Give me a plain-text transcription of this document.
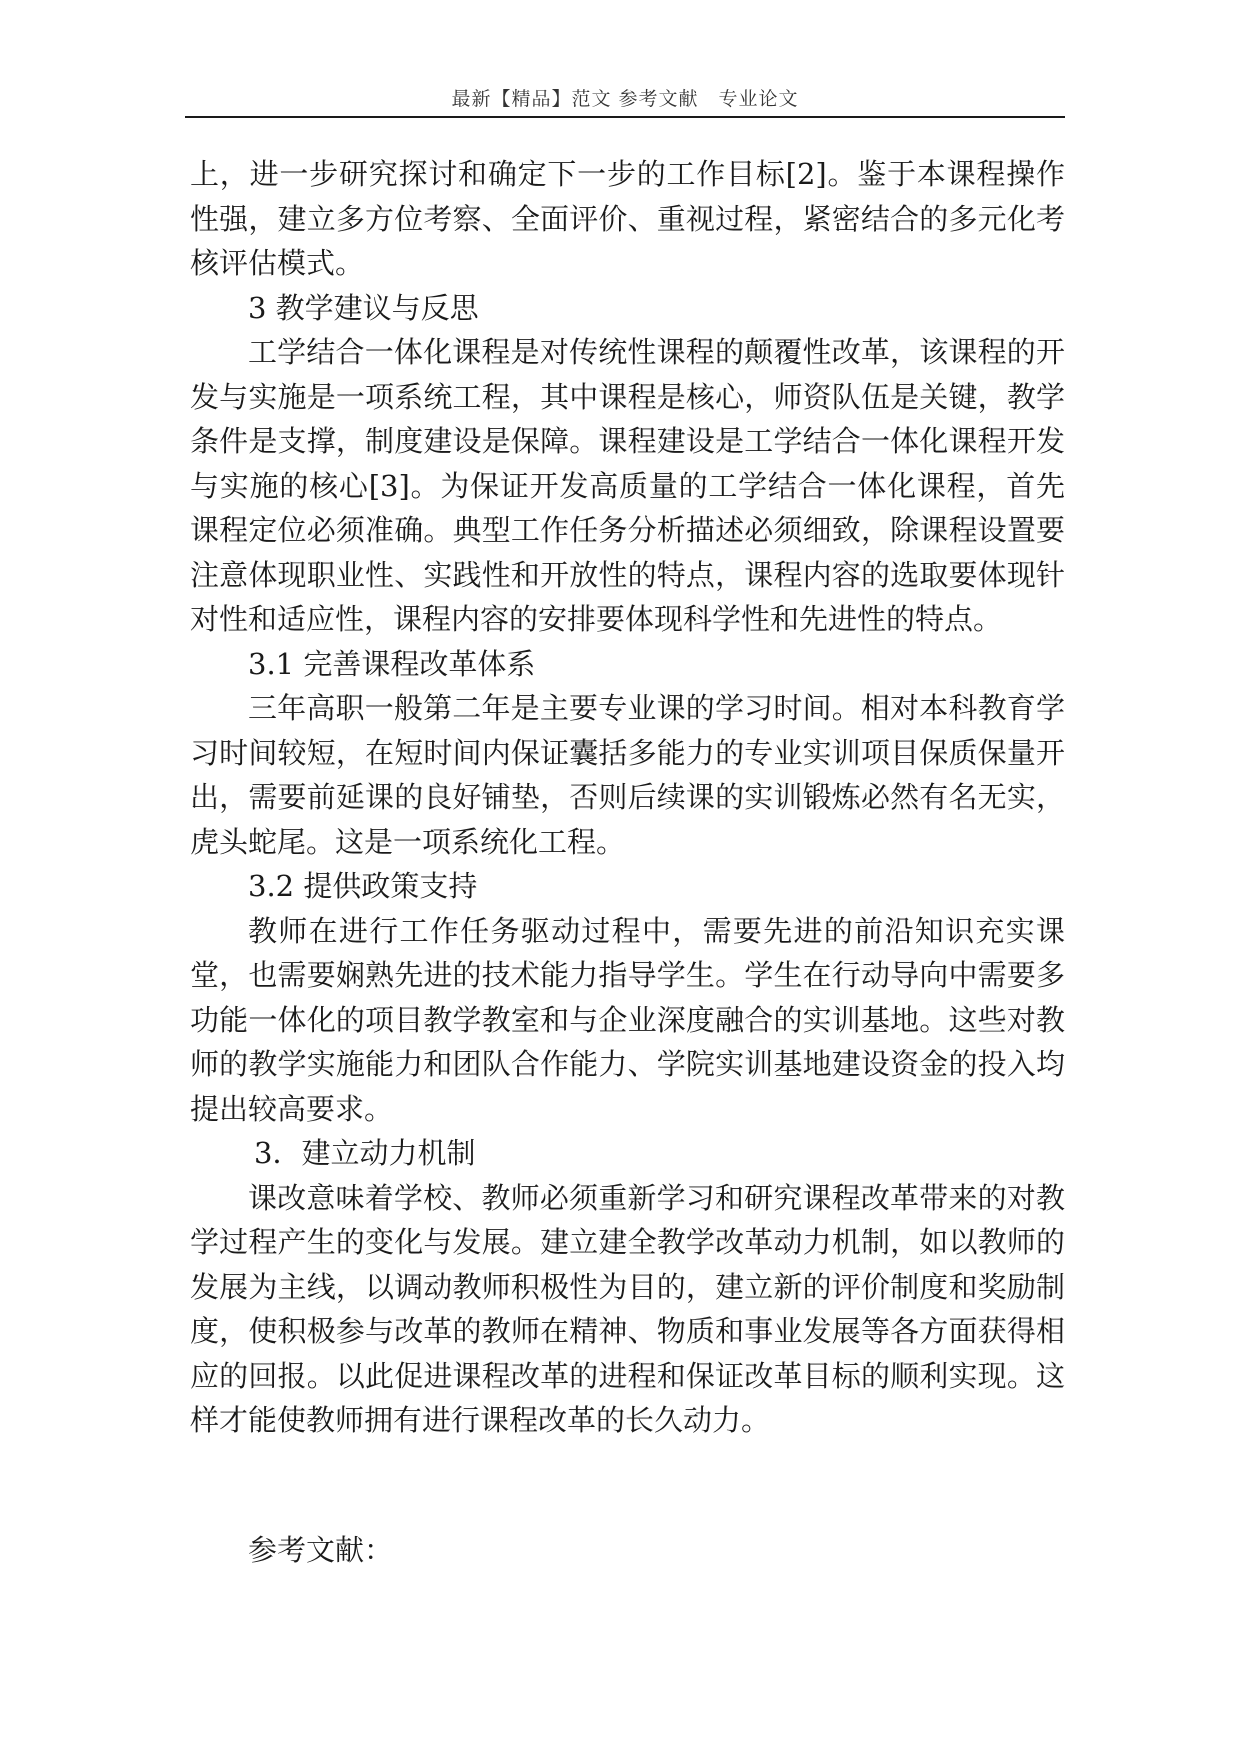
最新【精品】范文 参考文献　专业论文

上，进一步研究探讨和确定下一步的工作目标[2]。鉴于本课程操作性强，建立多方位考察、全面评价、重视过程，紧密结合的多元化考核评估模式。

3 教学建议与反思

工学结合一体化课程是对传统性课程的颠覆性改革，该课程的开发与实施是一项系统工程，其中课程是核心，师资队伍是关键，教学条件是支撑，制度建设是保障。课程建设是工学结合一体化课程开发与实施的核心[3]。为保证开发高质量的工学结合一体化课程，首先课程定位必须准确。典型工作任务分析描述必须细致，除课程设置要注意体现职业性、实践性和开放性的特点，课程内容的选取要体现针对性和适应性，课程内容的安排要体现科学性和先进性的特点。

3.1 完善课程改革体系

三年高职一般第二年是主要专业课的学习时间。相对本科教育学习时间较短，在短时间内保证囊括多能力的专业实训项目保质保量开出，需要前延课的良好铺垫，否则后续课的实训锻炼必然有名无实，虎头蛇尾。这是一项系统化工程。

3.2 提供政策支持

教师在进行工作任务驱动过程中，需要先进的前沿知识充实课堂，也需要娴熟先进的技术能力指导学生。学生在行动导向中需要多功能一体化的项目教学教室和与企业深度融合的实训基地。这些对教师的教学实施能力和团队合作能力、学院实训基地建设资金的投入均提出较高要求。

3．建立动力机制

课改意味着学校、教师必须重新学习和研究课程改革带来的对教学过程产生的变化与发展。建立建全教学改革动力机制，如以教师的发展为主线，以调动教师积极性为目的，建立新的评价制度和奖励制度，使积极参与改革的教师在精神、物质和事业发展等各方面获得相应的回报。以此促进课程改革的进程和保证改革目标的顺利实现。这样才能使教师拥有进行课程改革的长久动力。

参考文献：
